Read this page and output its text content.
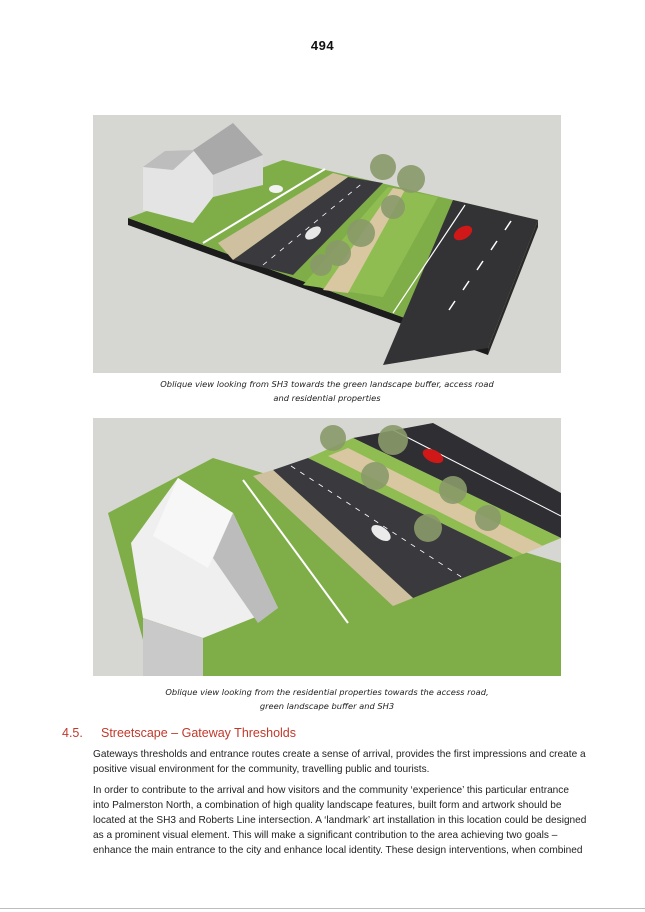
494
Oblique view looking from SH3 towards the green landscape buffer, access road
and residential properties
Oblique view looking from the residential properties towards the access road,
green landscape buffer and SH3
4.5. Streetscape – Gateway Thresholds
Gateways thresholds and entrance routes create a sense of arrival, provides the first impressions and create a
positive visual environment for the community, travelling public and tourists.
In order to contribute to the arrival and how visitors and the community ‘experience’ this particular entrance
into Palmerston North, a combination of high quality landscape features, built form and artwork should be
located at the SH3 and Roberts Line intersection. A ‘landmark’ art installation in this location could be designed
as a prominent visual element. This will make a significant contribution to the area achieving two goals –
enhance the main entrance to the city and enhance local identity. These design interventions, when combined
